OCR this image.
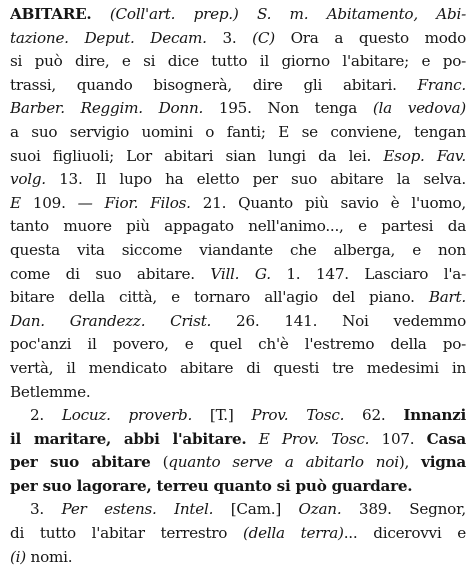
ABITARE. (Coll'art. prep.) S. m. Abitamento, Abi-
tazione. Deput. Decam. 3. (C) Ora a questo modo
si può dire, e si dice tutto il giorno l'abitare; e po-
trassi, quando bisognerà, dire gli abitari. Franc.
Barber. Reggim. Donn. 195. Non tenga (la vedova)
a suo servigio uomini o fanti; E se conviene, tengan
suoi figliuoli; Lor abitari sian lungi da lei. Esop. Fav.
volg. 13. Il lupo ha eletto per suo abitare la selva.
E 109. — Fior. Filos. 21. Quanto più savio è l'uomo,
tanto muore più appagato nell'animo..., e partesi da
questa vita siccome viandante che alberga, e non
come di suo abitare. Vill. G. 1. 147. Lasciaro l'a-
bitare della città, e tornaro all'agio del piano. Bart.
Dan. Grandezz. Crist. 26. 141. Noi vedemmo
poc'anzi il povero, e quel ch'è l'estremo della po-
vertà, il mendicato abitare di questi tre medesimi in
Betlemme.
2. Locuz. proverb. [T.] Prov. Tosc. 62. Innanzi
il maritare, abbi l'abitare. E Prov. Tosc. 107. Casa
per suo abitare (quanto serve a abitarlo noi), vigna
per suo lagorare, terreu quanto si può guardare.
3. Per estens. Intel. [Cam.] Ozan. 389. Segnor,
di tutto l'abitar terrestro (della terra)... dicerovvi e
(i) nomi.
